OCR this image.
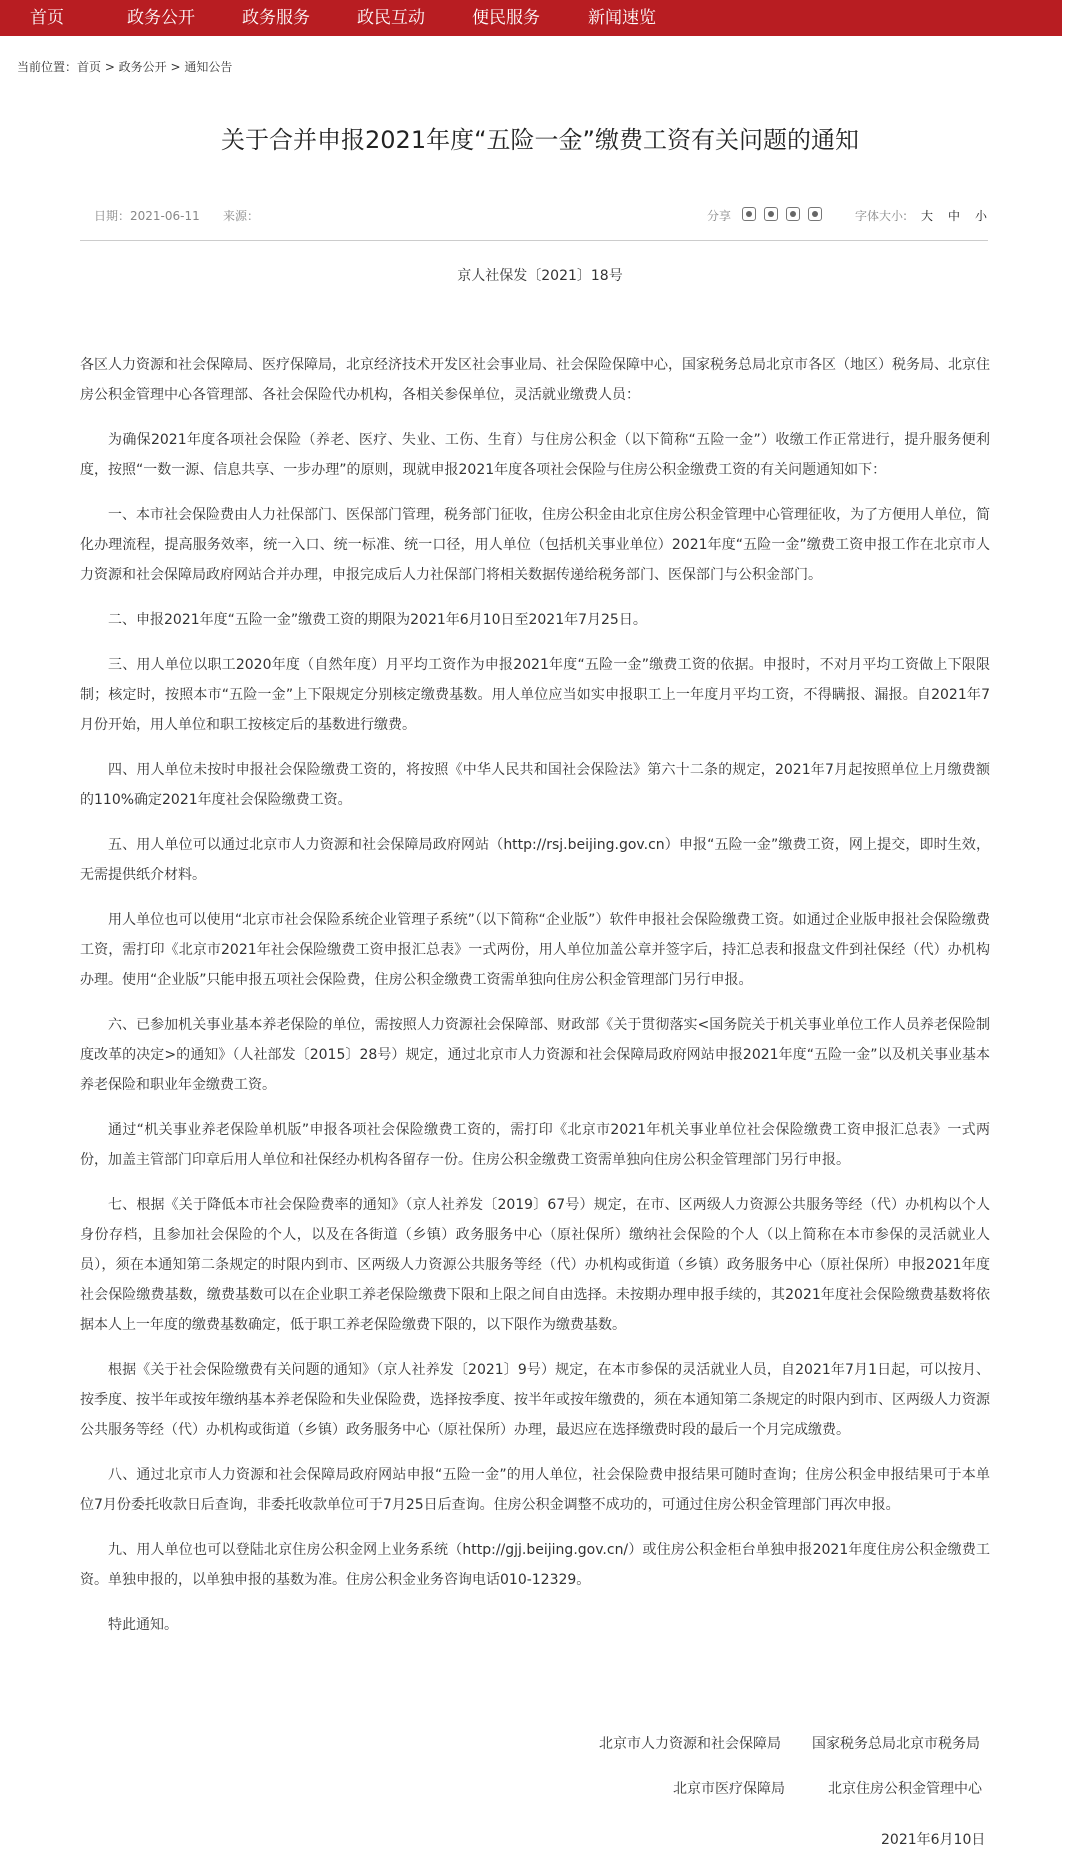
首页	政务公开	政务服务	政民互动	便民服务	新闻速览
当前位置：首页 > 政务公开 > 通知公告
关于合并申报2021年度“五险一金”缴费工资有关问题的通知
日期：2021-06-11 来源：	分享	字体大小: 大 中 小
京人社保发〔2021〕18号

各区人力资源和社会保障局、医疗保障局，北京经济技术开发区社会事业局、社会保险保障中心，国家税务总局北京市各区（地区）税务局、北京住房公积金管理中心各管理部、各社会保险代办机构，各相关参保单位，灵活就业缴费人员：

为确保2021年度各项社会保险（养老、医疗、失业、工伤、生育）与住房公积金（以下简称“五险一金”）收缴工作正常进行，提升服务便利度，按照“一数一源、信息共享、一步办理”的原则，现就申报2021年度各项社会保险与住房公积金缴费工资的有关问题通知如下：

一、本市社会保险费由人力社保部门、医保部门管理，税务部门征收，住房公积金由北京住房公积金管理中心管理征收，为了方便用人单位，简化办理流程，提高服务效率，统一入口、统一标准、统一口径，用人单位（包括机关事业单位）2021年度“五险一金”缴费工资申报工作在北京市人力资源和社会保障局政府网站合并办理，申报完成后人力社保部门将相关数据传递给税务部门、医保部门与公积金部门。

二、申报2021年度“五险一金”缴费工资的期限为2021年6月10日至2021年7月25日。

三、用人单位以职工2020年度（自然年度）月平均工资作为申报2021年度“五险一金”缴费工资的依据。申报时，不对月平均工资做上下限限制；核定时，按照本市“五险一金”上下限规定分别核定缴费基数。用人单位应当如实申报职工上一年度月平均工资，不得瞒报、漏报。自2021年7月份开始，用人单位和职工按核定后的基数进行缴费。

四、用人单位未按时申报社会保险缴费工资的，将按照《中华人民共和国社会保险法》第六十二条的规定，2021年7月起按照单位上月缴费额的110%确定2021年度社会保险缴费工资。

五、用人单位可以通过北京市人力资源和社会保障局政府网站（http://rsj.beijing.gov.cn）申报“五险一金”缴费工资，网上提交，即时生效，无需提供纸介材料。

用人单位也可以使用“北京市社会保险系统企业管理子系统”（以下简称“企业版”）软件申报社会保险缴费工资。如通过企业版申报社会保险缴费工资，需打印《北京市2021年社会保险缴费工资申报汇总表》一式两份，用人单位加盖公章并签字后，持汇总表和报盘文件到社保经（代）办机构办理。使用“企业版”只能申报五项社会保险费，住房公积金缴费工资需单独向住房公积金管理部门另行申报。

六、已参加机关事业基本养老保险的单位，需按照人力资源社会保障部、财政部《关于贯彻落实<国务院关于机关事业单位工作人员养老保险制度改革的决定>的通知》（人社部发〔2015〕28号）规定，通过北京市人力资源和社会保障局政府网站申报2021年度“五险一金”以及机关事业基本养老保险和职业年金缴费工资。

通过“机关事业养老保险单机版”申报各项社会保险缴费工资的，需打印《北京市2021年机关事业单位社会保险缴费工资申报汇总表》一式两份，加盖主管部门印章后用人单位和社保经办机构各留存一份。住房公积金缴费工资需单独向住房公积金管理部门另行申报。

七、根据《关于降低本市社会保险费率的通知》（京人社养发〔2019〕67号）规定，在市、区两级人力资源公共服务等经（代）办机构以个人身份存档，且参加社会保险的个人，以及在各街道（乡镇）政务服务中心（原社保所）缴纳社会保险的个人（以上简称在本市参保的灵活就业人员），须在本通知第二条规定的时限内到市、区两级人力资源公共服务等经（代）办机构或街道（乡镇）政务服务中心（原社保所）申报2021年度社会保险缴费基数，缴费基数可以在企业职工养老保险缴费下限和上限之间自由选择。未按期办理申报手续的，其2021年度社会保险缴费基数将依据本人上一年度的缴费基数确定，低于职工养老保险缴费下限的，以下限作为缴费基数。

根据《关于社会保险缴费有关问题的通知》（京人社养发〔2021〕9号）规定，在本市参保的灵活就业人员，自2021年7月1日起，可以按月、按季度、按半年或按年缴纳基本养老保险和失业保险费，选择按季度、按半年或按年缴费的，须在本通知第二条规定的时限内到市、区两级人力资源公共服务等经（代）办机构或街道（乡镇）政务服务中心（原社保所）办理，最迟应在选择缴费时段的最后一个月完成缴费。

八、通过北京市人力资源和社会保障局政府网站申报“五险一金”的用人单位，社会保险费申报结果可随时查询；住房公积金申报结果可于本单位7月份委托收款日后查询，非委托收款单位可于7月25日后查询。住房公积金调整不成功的，可通过住房公积金管理部门再次申报。

九、用人单位也可以登陆北京住房公积金网上业务系统（http://gjj.beijing.gov.cn/）或住房公积金柜台单独申报2021年度住房公积金缴费工资。单独申报的，以单独申报的基数为准。住房公积金业务咨询电话010-12329。

特此通知。

北京市人力资源和社会保障局 国家税务总局北京市税务局
北京市医疗保障局	北京住房公积金管理中心
2021年6月10日
